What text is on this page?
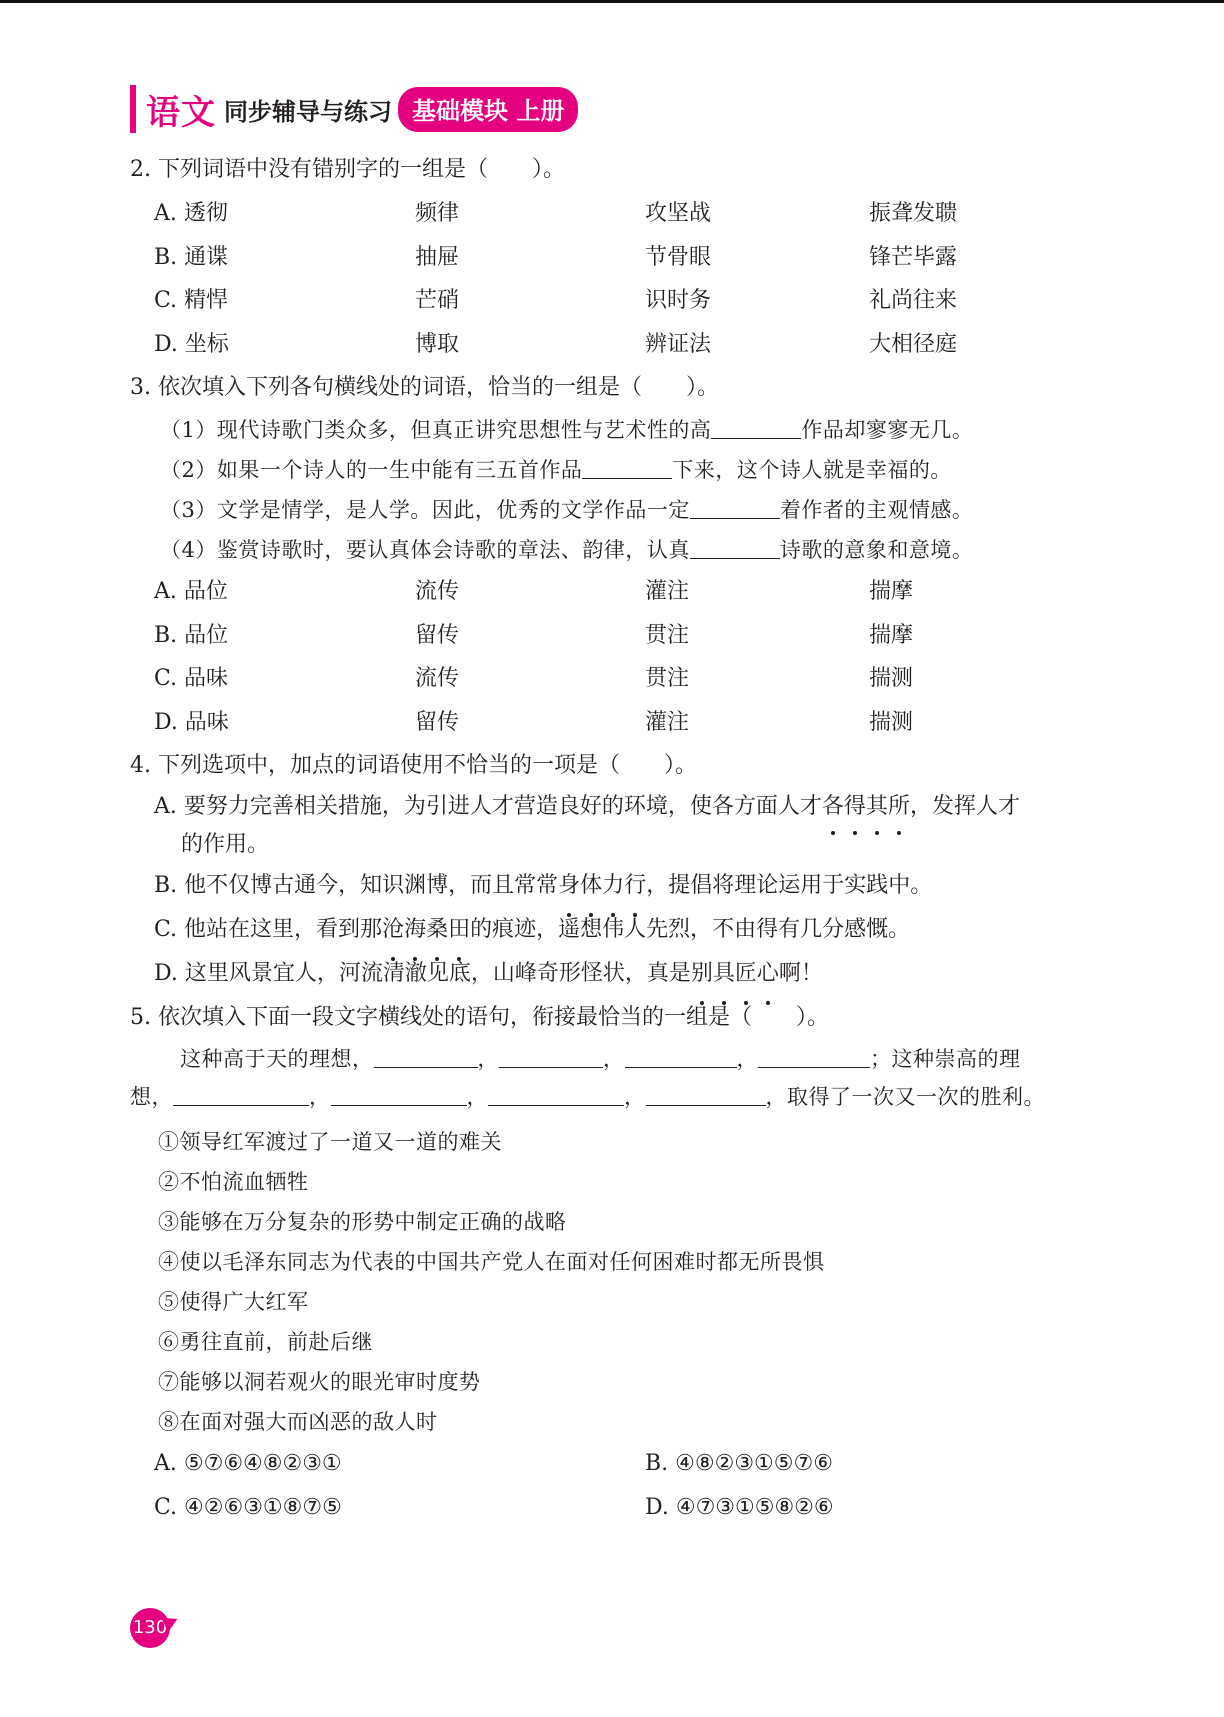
语文 同步辅导与练习 基础模块 上册
2. 下列词语中没有错别字的一组是（　　）。
A. 透彻	频律	攻坚战	振聋发聩
B. 通谍	抽屉	节骨眼	锋芒毕露
C. 精悍	芒硝	识时务	礼尚往来
D. 坐标	博取	辨证法	大相径庭
3. 依次填入下列各句横线处的词语，恰当的一组是（　　）。
（1）现代诗歌门类众多，但真正讲究思想性与艺术性的高	作品却寥寥无几。
（2）如果一个诗人的一生中能有三五首作品	下来，这个诗人就是幸福的。
（3）文学是情学，是人学。因此，优秀的文学作品一定	着作者的主观情感。
（4）鉴赏诗歌时，要认真体会诗歌的章法、韵律，认真	诗歌的意象和意境。
A. 品位	流传	灌注	揣摩
B. 品位	留传	贯注	揣摩
C. 品味	流传	贯注	揣测
D. 品味	留传	灌注	揣测
4. 下列选项中，加点的词语使用不恰当的一项是（　　）。
A. 要努力完善相关措施，为引进人才营造良好的环境，使各方面人才各得其所，发挥人才
的作用。
B. 他不仅博古通今，知识渊博，而且常常身体力行，提倡将理论运用于实践中。
C. 他站在这里，看到那沧海桑田的痕迹，遥想伟人先烈，不由得有几分感慨。
D. 这里风景宜人，河流清澈见底，山峰奇形怪状，真是别具匠心啊！
5. 依次填入下面一段文字横线处的语句，衔接最恰当的一组是（　　）。
这种高于天的理想，	，	，	，	；这种崇高的理
想，	，	，	，	，取得了一次又一次的胜利。
①领导红军渡过了一道又一道的难关
②不怕流血牺牲
③能够在万分复杂的形势中制定正确的战略
④使以毛泽东同志为代表的中国共产党人在面对任何困难时都无所畏惧
⑤使得广大红军
⑥勇往直前，前赴后继
⑦能够以洞若观火的眼光审时度势
⑧在面对强大而凶恶的敌人时
A. ⑤⑦⑥④⑧②③①	B. ④⑧②③①⑤⑦⑥
C. ④②⑥③①⑧⑦⑤	D. ④⑦③①⑤⑧②⑥
130
